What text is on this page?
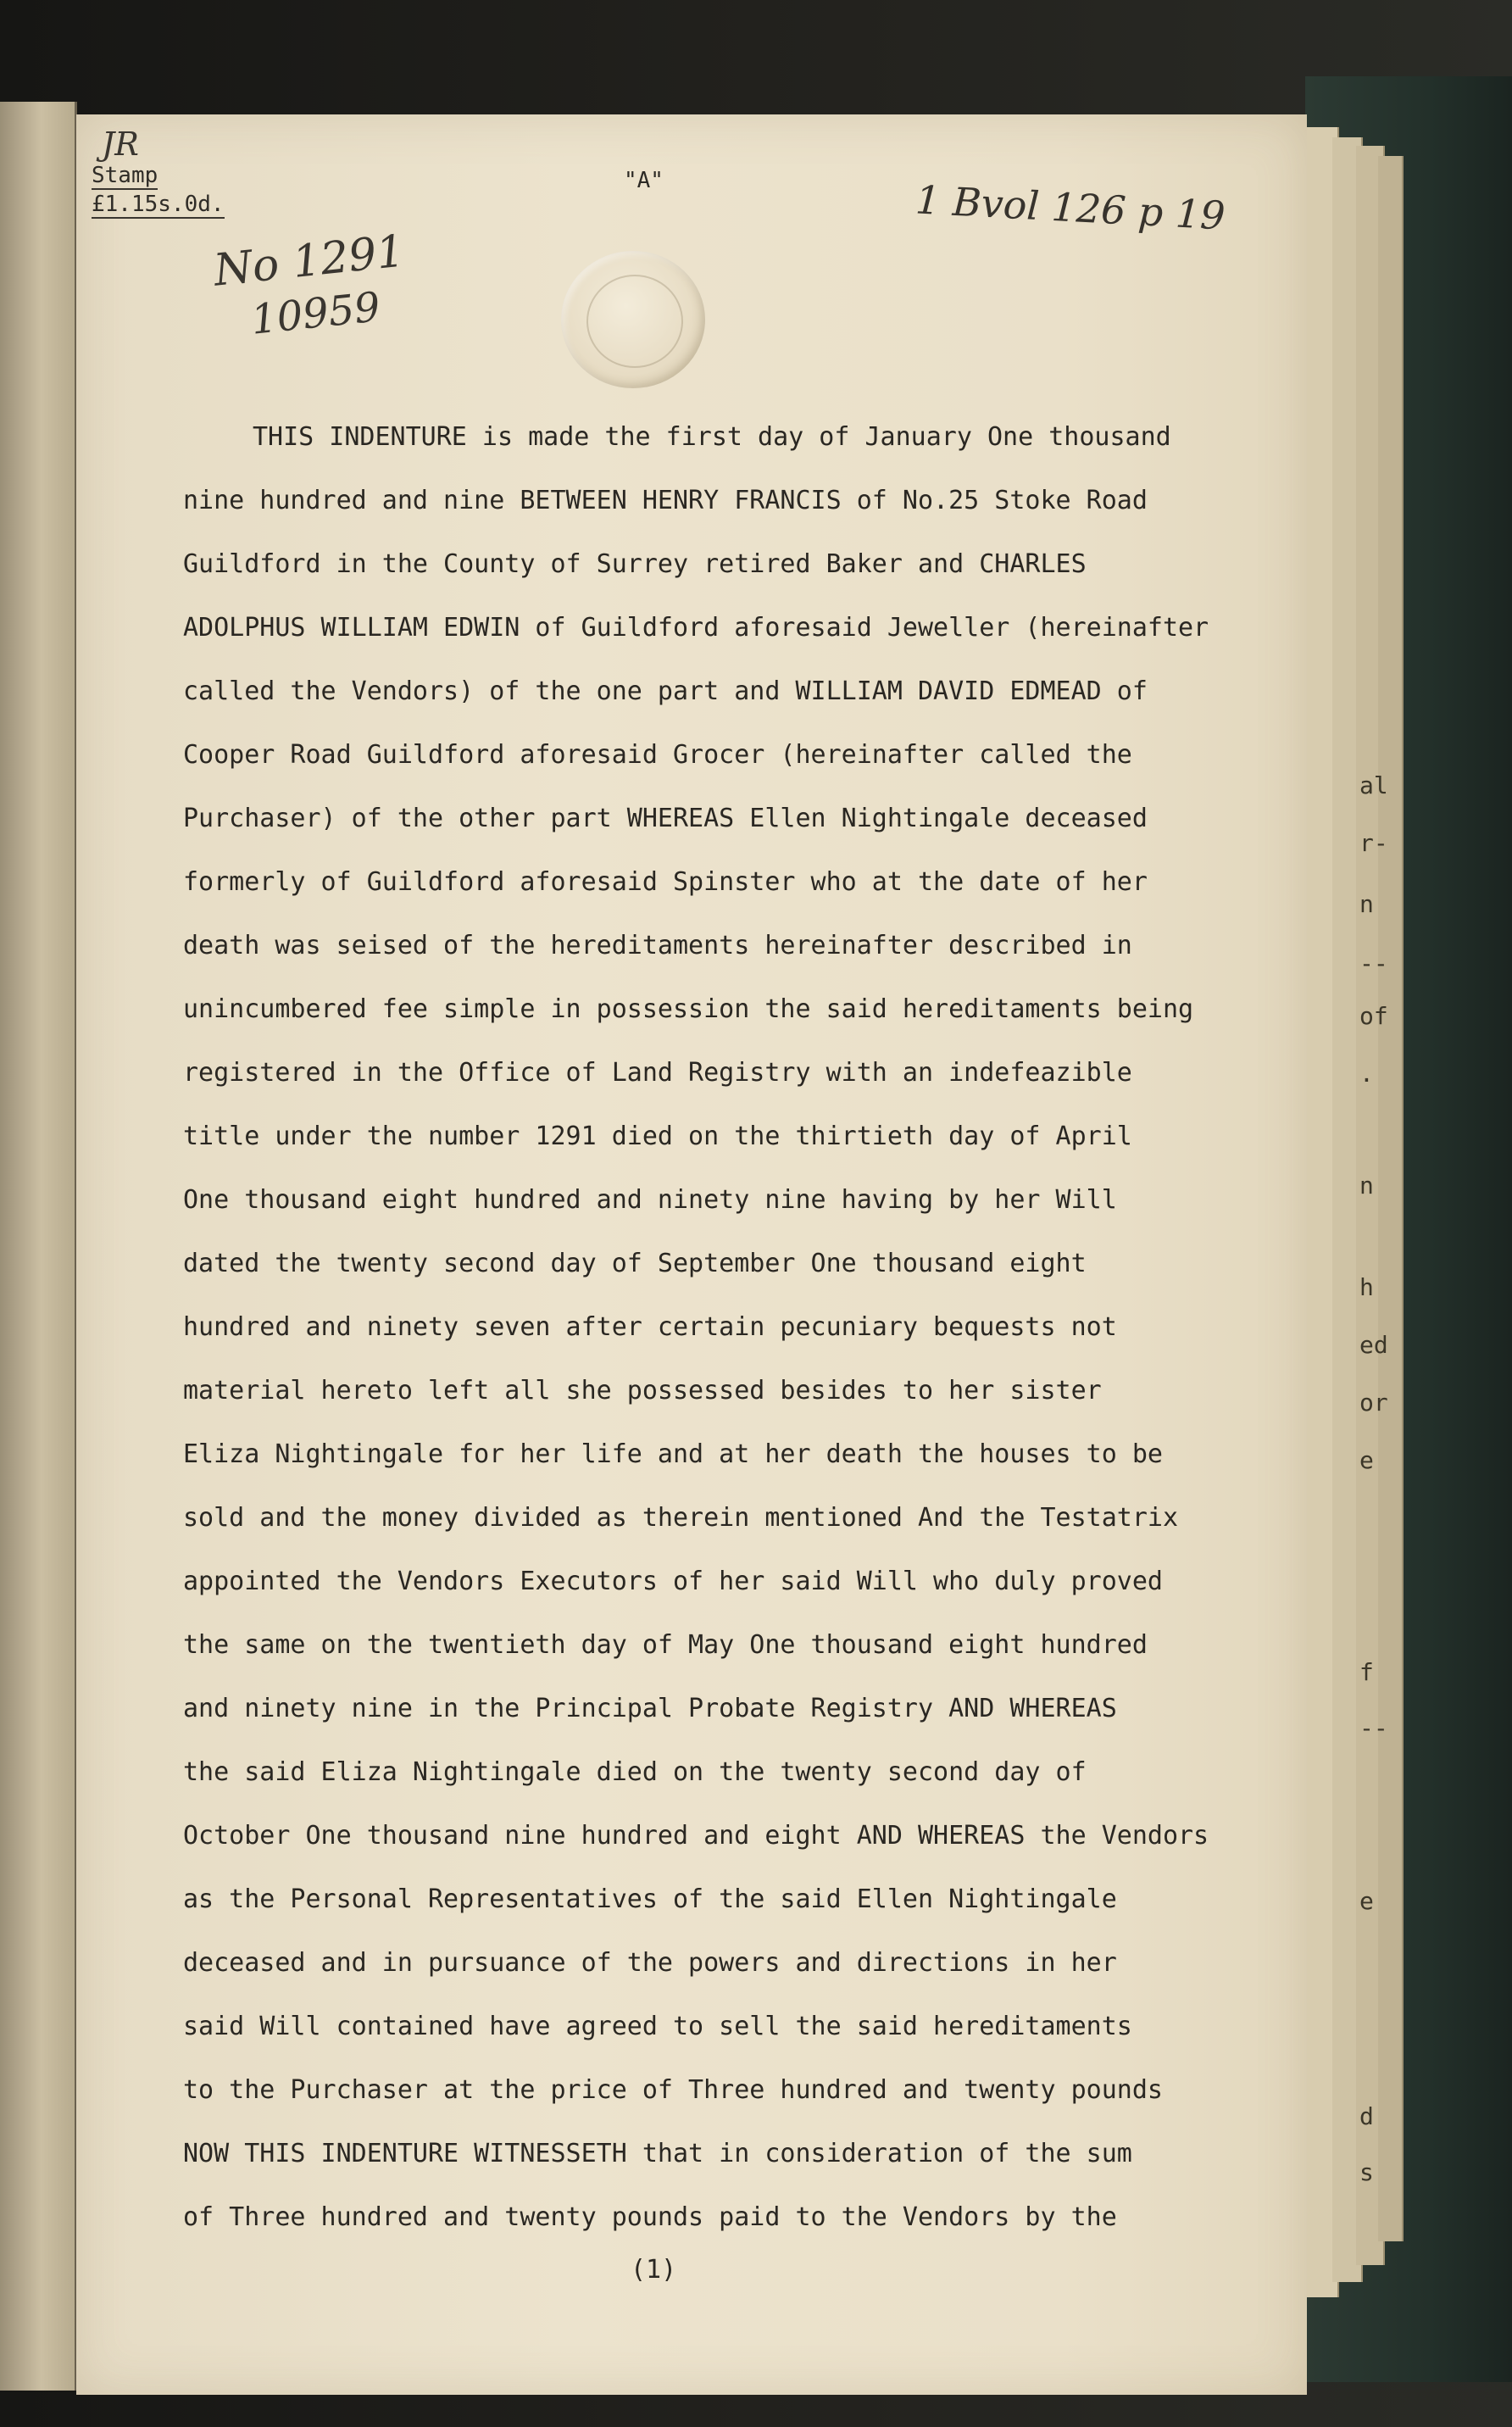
al
r-
n
--
of
.
n
h
ed
or
e
f
--
e
d
s
JR
Stamp
£1.15s.0d.
"A"	1 Bvol 126 p 19
No 1291
10959
THIS INDENTURE is made the first day of January One thousand
nine hundred and nine BETWEEN HENRY FRANCIS of No.25 Stoke Road
Guildford in the County of Surrey retired Baker and CHARLES
ADOLPHUS WILLIAM EDWIN of Guildford aforesaid Jeweller (hereinafter
called the Vendors) of the one part and WILLIAM DAVID EDMEAD of
Cooper Road Guildford aforesaid Grocer (hereinafter called the
Purchaser) of the other part WHEREAS Ellen Nightingale deceased
formerly of Guildford aforesaid Spinster who at the date of her
death was seised of the hereditaments hereinafter described in
unincumbered fee simple in possession the said hereditaments being
registered in the Office of Land Registry with an indefeazible
title under the number 1291 died on the thirtieth day of April
One thousand eight hundred and ninety nine having by her Will
dated the twenty second day of September One thousand eight
hundred and ninety seven after certain pecuniary bequests not
material hereto left all she possessed besides to her sister
Eliza Nightingale for her life and at her death the houses to be
sold and the money divided as therein mentioned And the Testatrix
appointed the Vendors Executors of her said Will who duly proved
the same on the twentieth day of May One thousand eight hundred
and ninety nine in the Principal Probate Registry AND WHEREAS
the said Eliza Nightingale died on the twenty second day of
October One thousand nine hundred and eight AND WHEREAS the Vendors
as the Personal Representatives of the said Ellen Nightingale
deceased and in pursuance of the powers and directions in her
said Will contained have agreed to sell the said hereditaments
to the Purchaser at the price of Three hundred and twenty pounds
NOW THIS INDENTURE WITNESSETH that in consideration of the sum
of Three hundred and twenty pounds paid to the Vendors by the
(1)
